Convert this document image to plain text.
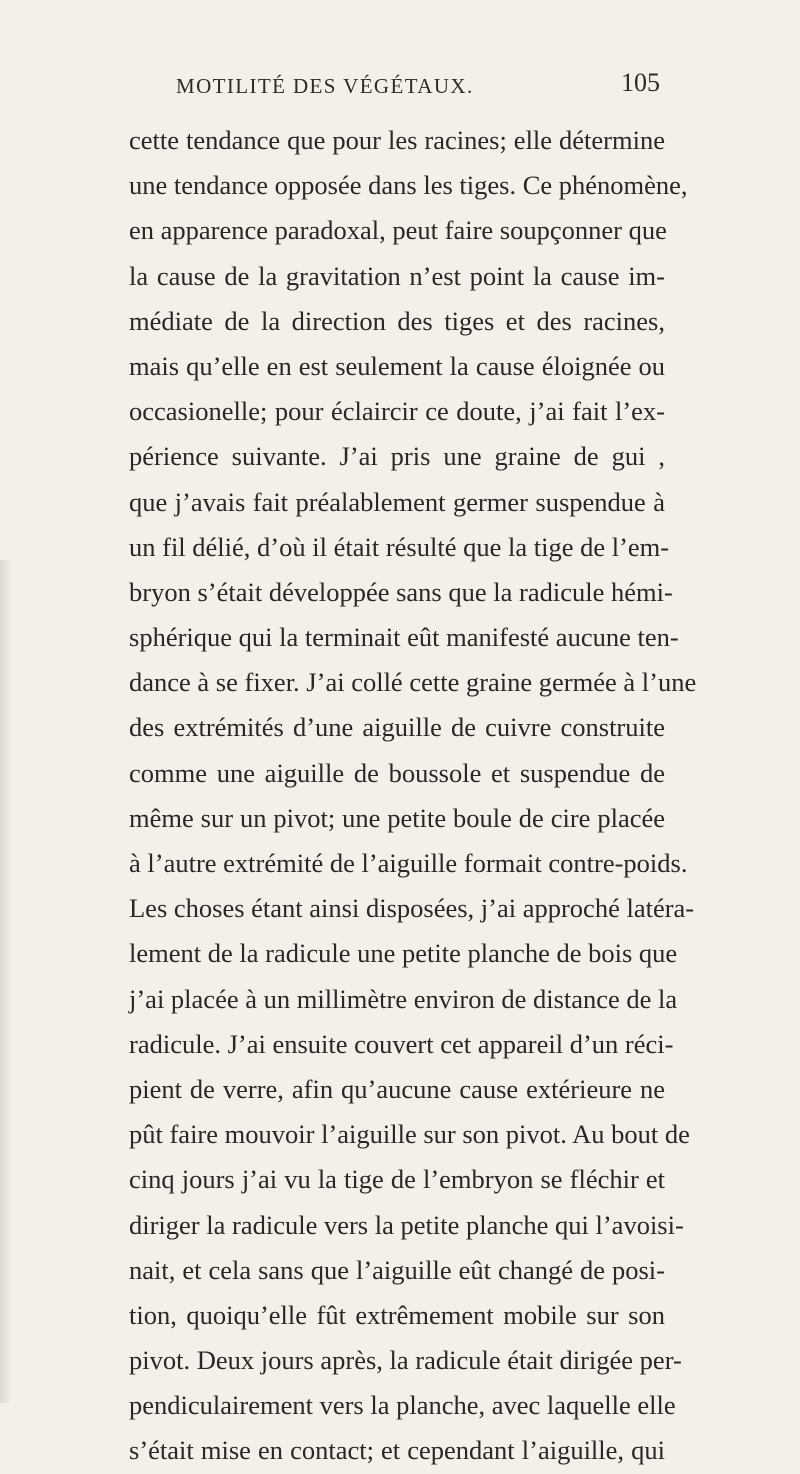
MOTILITÉ DES VÉGÉTAUX.	105
cette tendance que pour les racines; elle détermine
une tendance opposée dans les tiges. Ce phénomène,
en apparence paradoxal, peut faire soupçonner que
la cause de la gravitation n’est point la cause im-
médiate de la direction des tiges et des racines,
mais qu’elle en est seulement la cause éloignée ou
occasionelle; pour éclaircir ce doute, j’ai fait l’ex-
périence suivante. J’ai pris une graine de gui ,
que j’avais fait préalablement germer suspendue à
un fil délié, d’où il était résulté que la tige de l’em-
bryon s’était développée sans que la radicule hémi-
sphérique qui la terminait eût manifesté aucune ten-
dance à se fixer. J’ai collé cette graine germée à l’une
des extrémités d’une aiguille de cuivre construite
comme une aiguille de boussole et suspendue de
même sur un pivot; une petite boule de cire placée
à l’autre extrémité de l’aiguille formait contre-poids.
Les choses étant ainsi disposées, j’ai approché latéra-
lement de la radicule une petite planche de bois que
j’ai placée à un millimètre environ de distance de la
radicule. J’ai ensuite couvert cet appareil d’un réci-
pient de verre, afin qu’aucune cause extérieure ne
pût faire mouvoir l’aiguille sur son pivot. Au bout de
cinq jours j’ai vu la tige de l’embryon se fléchir et
diriger la radicule vers la petite planche qui l’avoisi-
nait, et cela sans que l’aiguille eût changé de posi-
tion, quoiqu’elle fût extrêmement mobile sur son
pivot. Deux jours après, la radicule était dirigée per-
pendiculairement vers la planche, avec laquelle elle
s’était mise en contact; et cependant l’aiguille, qui
